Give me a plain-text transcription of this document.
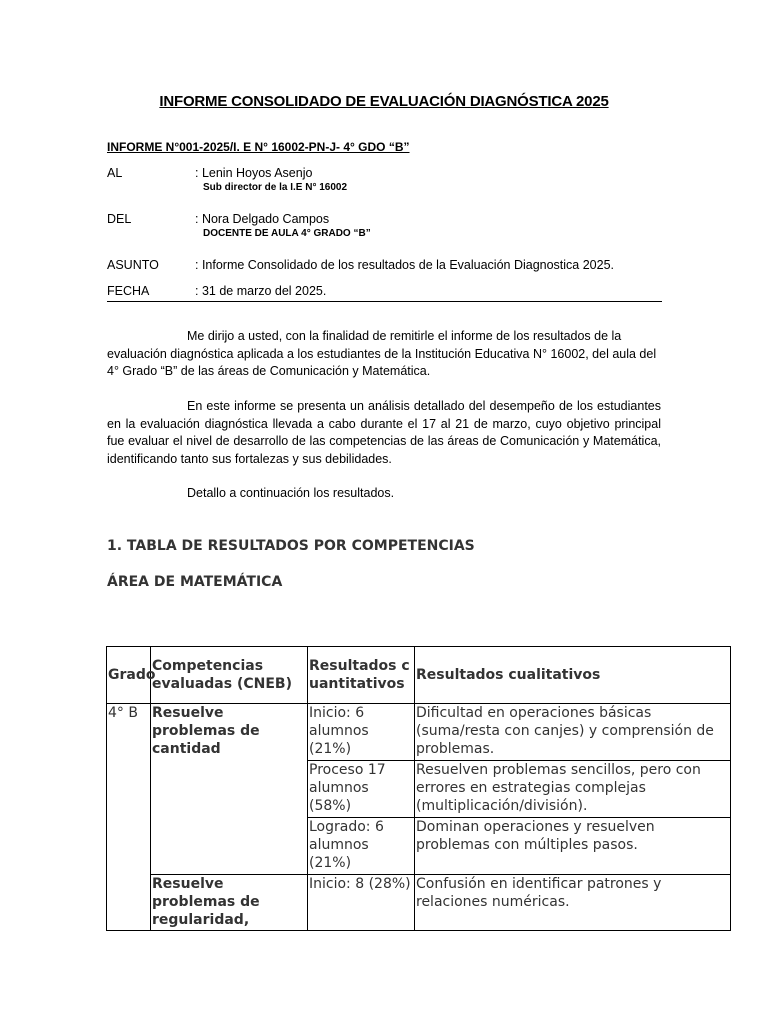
INFORME CONSOLIDADO DE EVALUACIÓN DIAGNÓSTICA 2025
INFORME N°001-2025/I. E N° 16002-PN-J- 4° GDO “B”
AL	: Lenin Hoyos Asenjo
Sub director de la I.E N° 16002
DEL	: Nora Delgado Campos
DOCENTE DE AULA 4° GRADO “B”
ASUNTO	: Informe Consolidado de los resultados de la Evaluación Diagnostica 2025.
FECHA	: 31 de marzo del 2025.
Me dirijo a usted, con la finalidad de remitirle el informe de los resultados de la evaluación diagnóstica aplicada a los estudiantes de la Institución Educativa N° 16002, del aula del 4° Grado “B” de las áreas de Comunicación y Matemática.
En este informe se presenta un análisis detallado del desempeño de los estudiantes en la evaluación diagnóstica llevada a cabo durante el 17 al 21 de marzo, cuyo objetivo principal fue evaluar el nivel de desarrollo de las competencias de las áreas de Comunicación y Matemática, identificando tanto sus fortalezas y sus debilidades.
Detallo a continuación los resultados.
1. TABLA DE RESULTADOS POR COMPETENCIAS
ÁREA DE MATEMÁTICA
Grado	Competencias evaluadas (CNEB)	Resultados cuantitativos	Resultados cualitativos
4° B	Resuelve problemas de cantidad	Inicio: 6 alumnos (21%)	Dificultad en operaciones básicas (suma/resta con canjes) y comprensión de problemas.
		Proceso 17 alumnos (58%)	Resuelven problemas sencillos, pero con errores en estrategias complejas (multiplicación/división).
		Logrado: 6 alumnos (21%)	Dominan operaciones y resuelven problemas con múltiples pasos.
	Resuelve problemas de regularidad,	Inicio: 8 (28%)	Confusión en identificar patrones y relaciones numéricas.
